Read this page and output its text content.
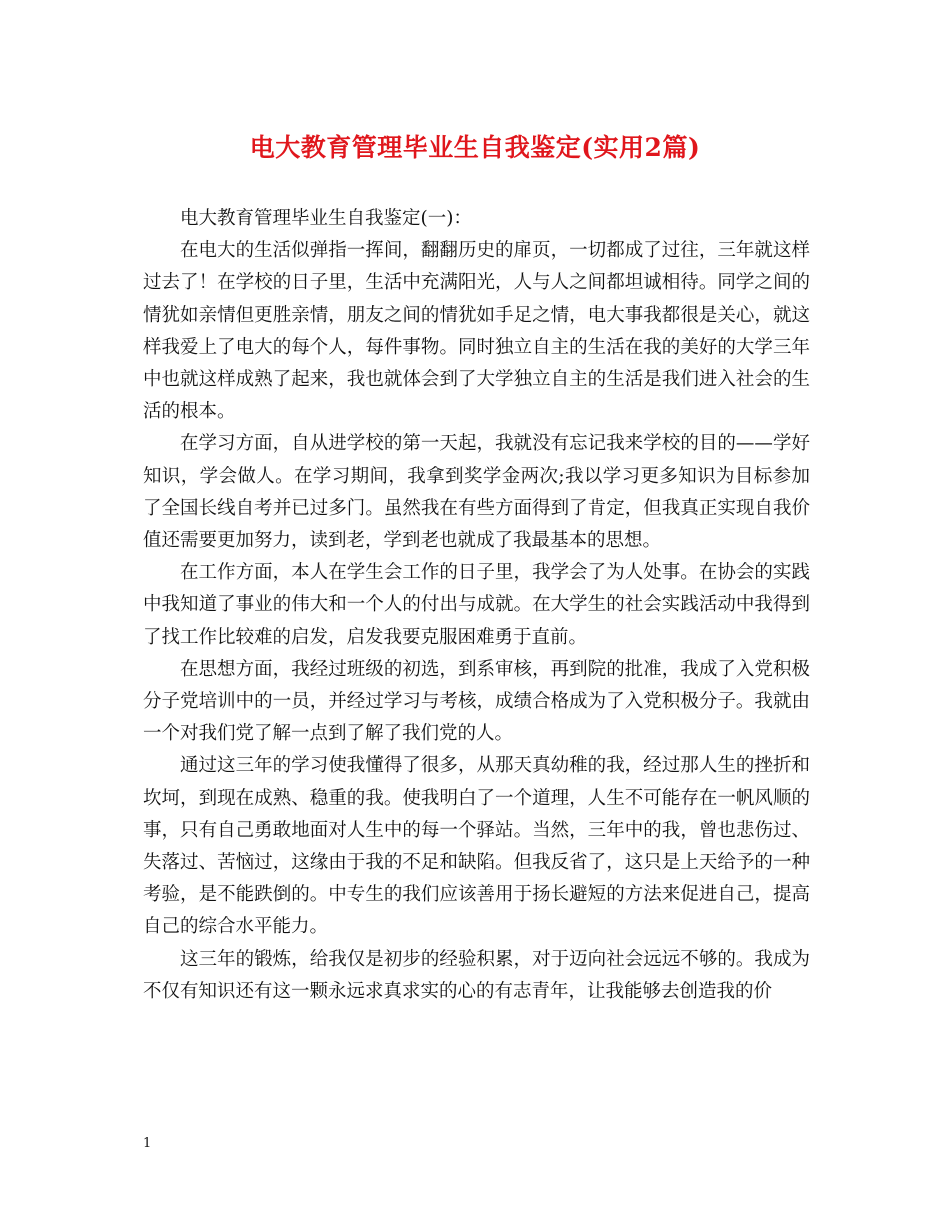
电大教育管理毕业生自我鉴定(实用2篇)

电大教育管理毕业生自我鉴定(一)：

在电大的生活似弹指一挥间，翻翻历史的扉页，一切都成了过往，三年就这样过去了！在学校的日子里，生活中充满阳光，人与人之间都坦诚相待。同学之间的情犹如亲情但更胜亲情，朋友之间的情犹如手足之情，电大事我都很是关心，就这样我爱上了电大的每个人，每件事物。同时独立自主的生活在我的美好的大学三年中也就这样成熟了起来，我也就体会到了大学独立自主的生活是我们进入社会的生活的根本。

在学习方面，自从进学校的第一天起，我就没有忘记我来学校的目的——学好知识，学会做人。在学习期间，我拿到奖学金两次;我以学习更多知识为目标参加了全国长线自考并已过多门。虽然我在有些方面得到了肯定，但我真正实现自我价值还需要更加努力，读到老，学到老也就成了我最基本的思想。

在工作方面，本人在学生会工作的日子里，我学会了为人处事。在协会的实践中我知道了事业的伟大和一个人的付出与成就。在大学生的社会实践活动中我得到了找工作比较难的启发，启发我要克服困难勇于直前。

在思想方面，我经过班级的初选，到系审核，再到院的批准，我成了入党积极分子党培训中的一员，并经过学习与考核，成绩合格成为了入党积极分子。我就由一个对我们党了解一点到了解了我们党的人。

通过这三年的学习使我懂得了很多，从那天真幼稚的我，经过那人生的挫折和坎坷，到现在成熟、稳重的我。使我明白了一个道理，人生不可能存在一帆风顺的事，只有自己勇敢地面对人生中的每一个驿站。当然，三年中的我，曾也悲伤过、失落过、苦恼过，这缘由于我的不足和缺陷。但我反省了，这只是上天给予的一种考验，是不能跌倒的。中专生的我们应该善用于扬长避短的方法来促进自己，提高自己的综合水平能力。

这三年的锻炼，给我仅是初步的经验积累，对于迈向社会远远不够的。我成为不仅有知识还有这一颗永远求真求实的心的有志青年，让我能够去创造我的价

1
